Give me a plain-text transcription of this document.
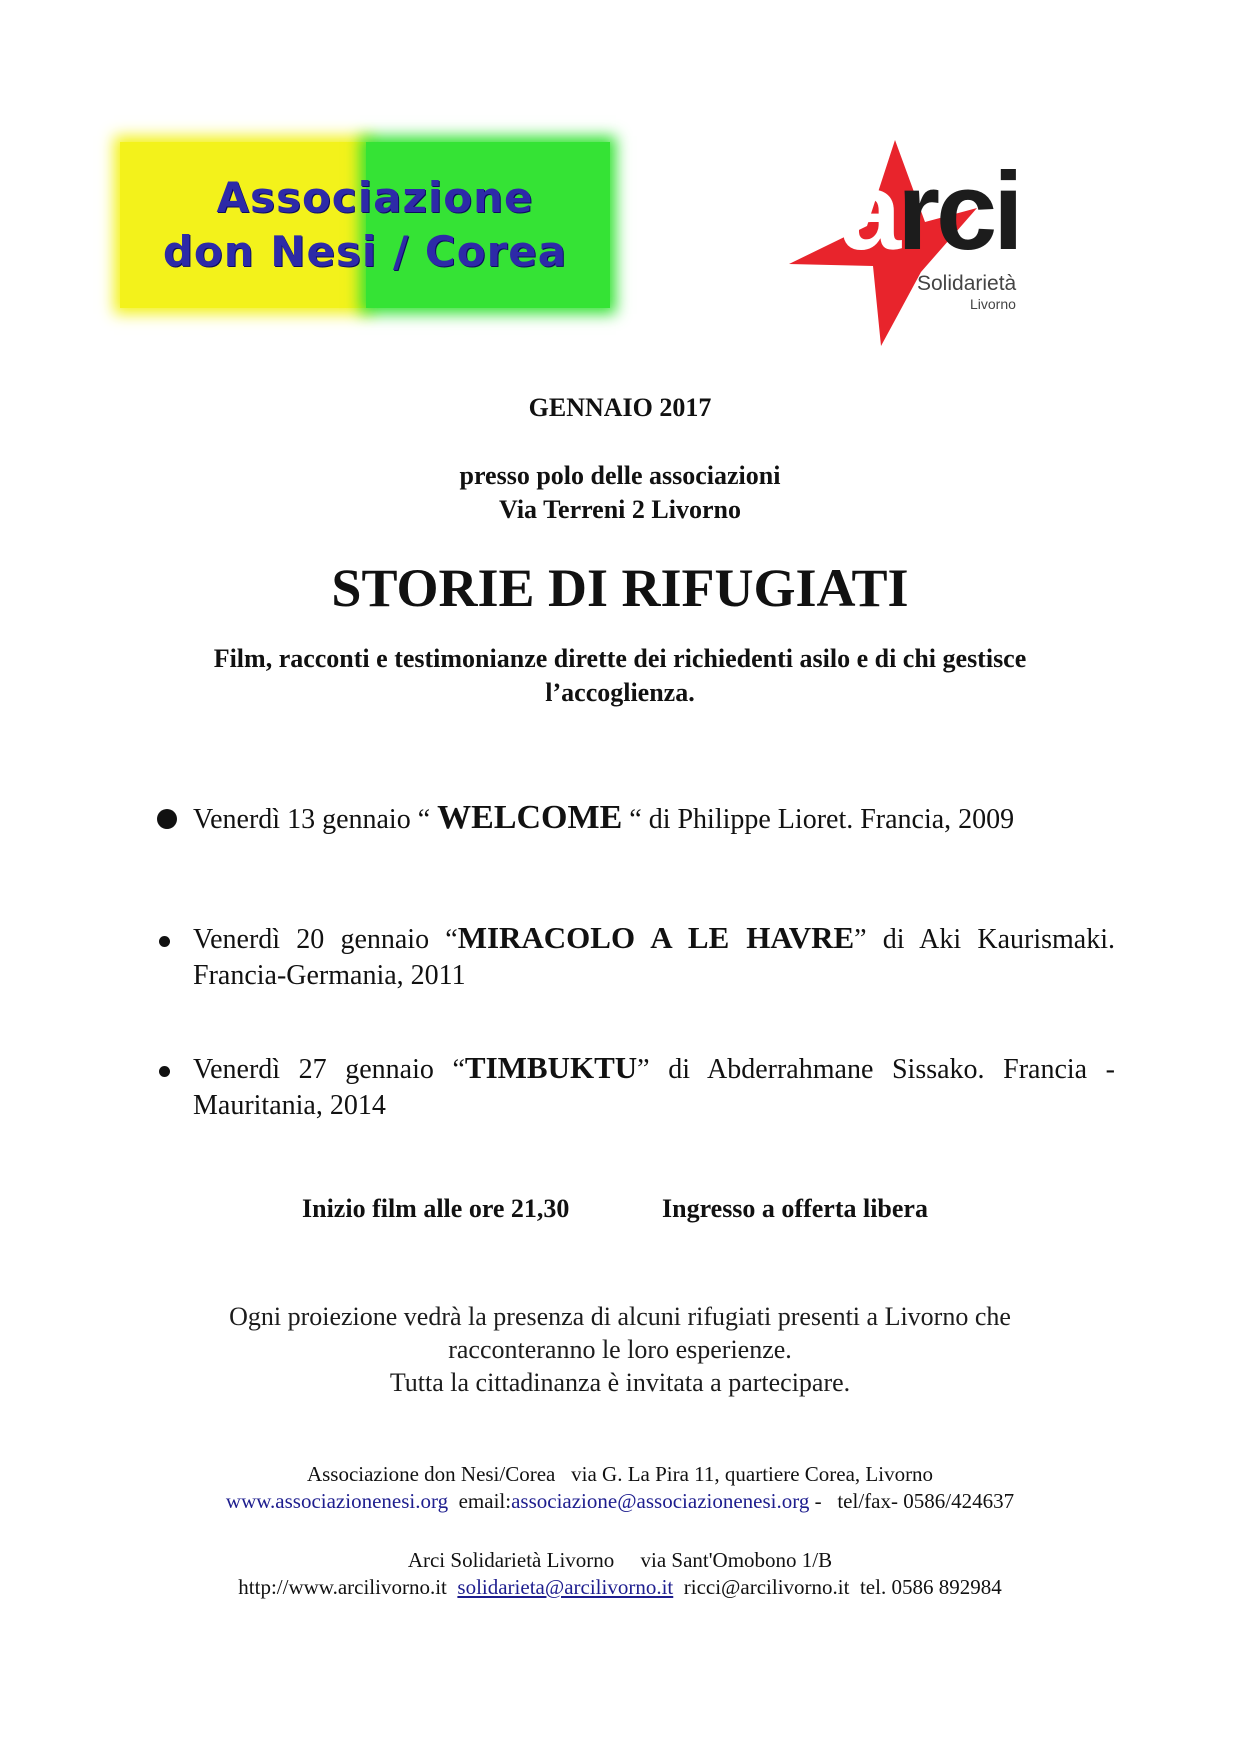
Associazione
don Nesi / Corea arci
Solidarietà
Livorno
GENNAIO 2017
presso polo delle associazioni
Via Terreni 2 Livorno
STORIE DI RIFUGIATI
Film, racconti e testimonianze dirette dei richiedenti asilo e di chi gestisce l’accoglienza.
Venerdì 13 gennaio “ WELCOME “ di Philippe Lioret. Francia, 2009
Venerdì 20 gennaio “MIRACOLO A LE HAVRE” di Aki Kaurismaki. Francia-Germania, 2011
Venerdì 27 gennaio “TIMBUKTU” di Abderrahmane Sissako. Francia - Mauritania, 2014
Inizio film alle ore 21,30	Ingresso a offerta libera
Ogni proiezione vedrà la presenza di alcuni rifugiati presenti a Livorno che
racconteranno le loro esperienze.
Tutta la cittadinanza è invitata a partecipare.
Associazione don Nesi/Corea   via G. La Pira 11, quartiere Corea, Livorno
www.associazionenesi.org  email:associazione@associazionenesi.org -   tel/fax- 0586/424637
Arci Solidarietà Livorno     via Sant'Omobono 1/B
http://www.arcilivorno.it  solidarieta@arcilivorno.it  ricci@arcilivorno.it  tel. 0586 892984
